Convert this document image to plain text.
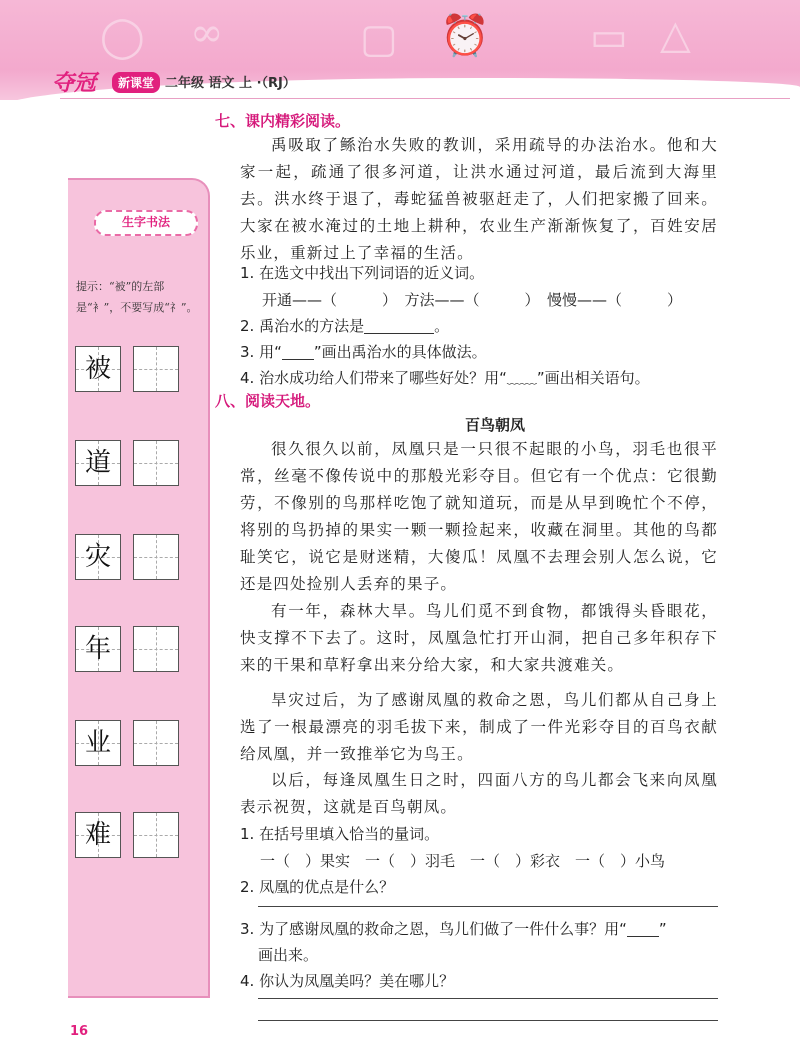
◯ ∞	▢ ⏰	▭ △
夺冠	新课堂 二年级 语文 上 ·（RJ）
生字书法
提示：“被”的左部是“衤”，不要写成“礻”。
被
道
灾
年
业
难
七、课内精彩阅读。
禹吸取了鲧治水失败的教训，采用疏导的办法治水。他和大家一起，疏通了很多河道，让洪水通过河道，最后流到大海里去。洪水终于退了，毒蛇猛兽被驱赶走了，人们把家搬了回来。大家在被水淹过的土地上耕种，农业生产渐渐恢复了，百姓安居乐业，重新过上了幸福的生活。
1. 在选文中找出下列词语的近义词。
开通——（　　　）　方法——（　　　）　慢慢——（　　　）
2. 禹治水的方法是	。
3. 用“ ”画出禹治水的具体做法。
4. 治水成功给人们带来了哪些好处？用“﹏﹏”画出相关语句。
八、阅读天地。
百鸟朝凤
很久很久以前，凤凰只是一只很不起眼的小鸟，羽毛也很平常，丝毫不像传说中的那般光彩夺目。但它有一个优点：它很勤劳，不像别的鸟那样吃饱了就知道玩，而是从早到晚忙个不停，将别的鸟扔掉的果实一颗一颗捡起来，收藏在洞里。其他的鸟都耻笑它，说它是财迷精，大傻瓜！凤凰不去理会别人怎么说，它还是四处捡别人丢弃的果子。
有一年，森林大旱。鸟儿们觅不到食物，都饿得头昏眼花，快支撑不下去了。这时，凤凰急忙打开山洞，把自己多年积存下来的干果和草籽拿出来分给大家，和大家共渡难关。
旱灾过后，为了感谢凤凰的救命之恩，鸟儿们都从自己身上选了一根最漂亮的羽毛拔下来，制成了一件光彩夺目的百鸟衣献给凤凰，并一致推举它为鸟王。
以后，每逢凤凰生日之时，四面八方的鸟儿都会飞来向凤凰表示祝贺，这就是百鸟朝凤。
1. 在括号里填入恰当的量词。
一（　）果实　一（　）羽毛　一（　）彩衣　一（　）小鸟
2. 凤凰的优点是什么？
3. 为了感谢凤凰的救命之恩，鸟儿们做了一件什么事？用“ ”
画出来。
4. 你认为凤凰美吗？美在哪儿？
16
